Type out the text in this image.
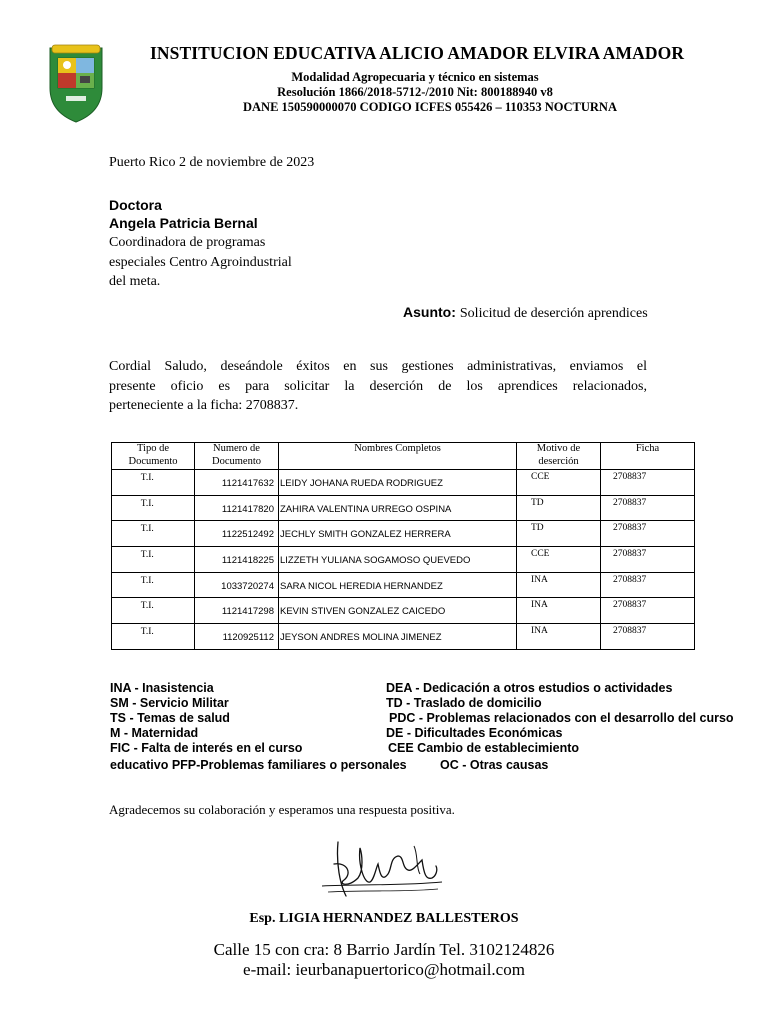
INSTITUCION EDUCATIVA ALICIO AMADOR ELVIRA AMADOR
Modalidad Agropecuaria y técnico en sistemas
Resolución 1866/2018-5712-/2010 Nit: 800188940 v8
DANE 150590000070 CODIGO ICFES 055426 – 110353 NOCTURNA
Puerto Rico 2 de noviembre de 2023
Doctora
Angela Patricia Bernal
Coordinadora de programas
especiales Centro Agroindustrial
del meta.
Asunto: Solicitud de deserción aprendices
Cordial Saludo, deseándole éxitos en sus gestiones administrativas, enviamos el
presente oficio es para solicitar la deserción de los aprendices relacionados,
perteneciente a la ficha: 2708837.
Tipo de Documento	Numero de Documento	Nombres Completos	Motivo de deserción	Ficha

T.I.	1121417632	LEIDY JOHANA RUEDA RODRIGUEZ	CCE	2708837

T.I.	1121417820	ZAHIRA VALENTINA URREGO OSPINA	TD	2708837

T.I.	1122512492	JECHLY SMITH GONZALEZ HERRERA	TD	2708837

T.I.	1121418225	LIZZETH YULIANA SOGAMOSO QUEVEDO	CCE	2708837

T.I.	1033720274	SARA NICOL HEREDIA HERNANDEZ	INA	2708837

T.I.	1121417298	KEVIN STIVEN GONZALEZ CAICEDO	INA	2708837

T.I.	1120925112	JEYSON ANDRES MOLINA JIMENEZ	INA	2708837
INA - Inasistencia
SM - Servicio Militar
TS - Temas de salud
M - Maternidad
FIC - Falta de interés en el curso
educativo PFP-Problemas familiares o personales
DEA - Dedicación a otros estudios o actividades
TD - Traslado de domicilio
PDC - Problemas relacionados con el desarrollo del curso
DE - Dificultades Económicas
CEE Cambio de establecimiento
OC - Otras causas
Agradecemos su colaboración y esperamos una respuesta positiva.
Esp. LIGIA HERNANDEZ BALLESTEROS
Calle 15 con cra: 8 Barrio Jardín Tel. 3102124826
e-mail: ieurbanapuertorico@hotmail.com
